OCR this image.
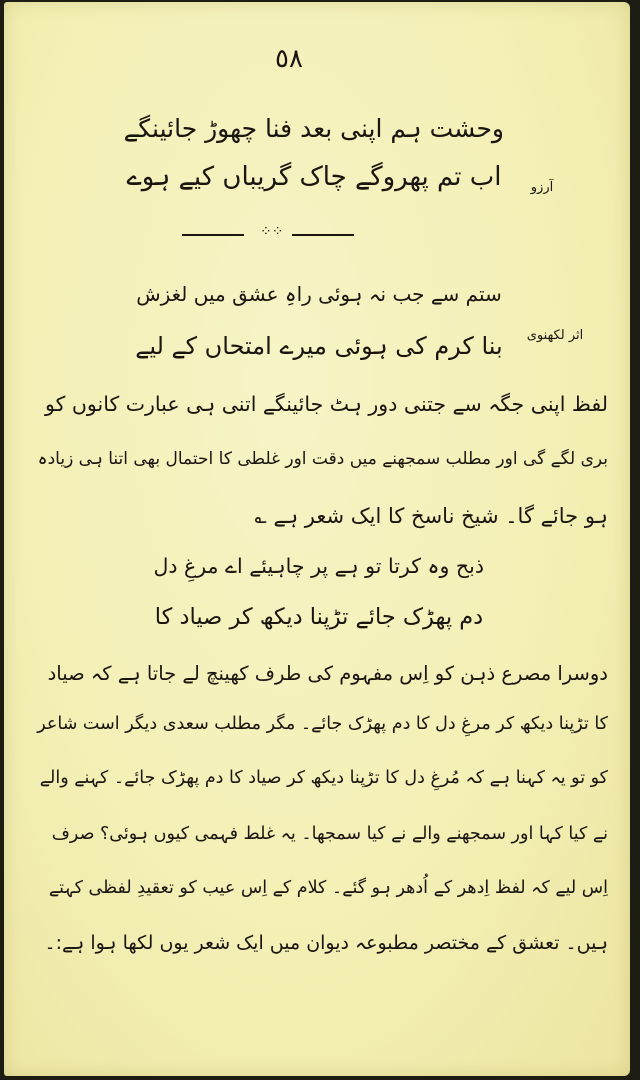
٥٨

وحشت ہم اپنی بعد فنا چھوڑ جائینگے

اب تم پھروگے چاک گریباں کیے ہوے	آرزو

⁘⁘

ستم سے جب نہ ہوئی راہِ عشق میں لغزش

بنا کرم کی ہوئی میرے امتحاں کے لیے	اثر لکھنوی

لفظ اپنی جگہ سے جتنی دور ہٹ جائینگے اتنی ہی عبارت کانوں کو

بری لگے گی اور مطلب سمجھنے میں دقت اور غلطی کا احتمال بھی اتنا ہی زیادہ

ہو جائے گا۔ شیخ ناسخ کا ایک شعر ہے ؎

ذبح وہ کرتا تو ہے پر چاہیئے اے مرغِ دل

دم پھڑک جائے تڑپنا دیکھ کر صیاد کا

دوسرا مصرع ذہن کو اِس مفہوم کی طرف کھینچ لے جاتا ہے کہ صیاد

کا تڑپنا دیکھ کر مرغِ دل کا دم پھڑک جائے۔ مگر مطلب سعدی دیگر است شاعر

کو تو یہ کہنا ہے کہ مُرغِ دل کا تڑپنا دیکھ کر صیاد کا دم پھڑک جائے۔ کہنے والے

نے کیا کہا اور سمجھنے والے نے کیا سمجھا۔ یہ غلط فہمی کیوں ہوئی؟ صرف

اِس لیے کہ لفظ اِدھر کے اُدھر ہو گئے۔ کلام کے اِس عیب کو تعقیدِ لفظی کہتے

ہیں۔ تعشق کے مختصر مطبوعہ دیوان میں ایک شعر یوں لکھا ہوا ہے:۔
